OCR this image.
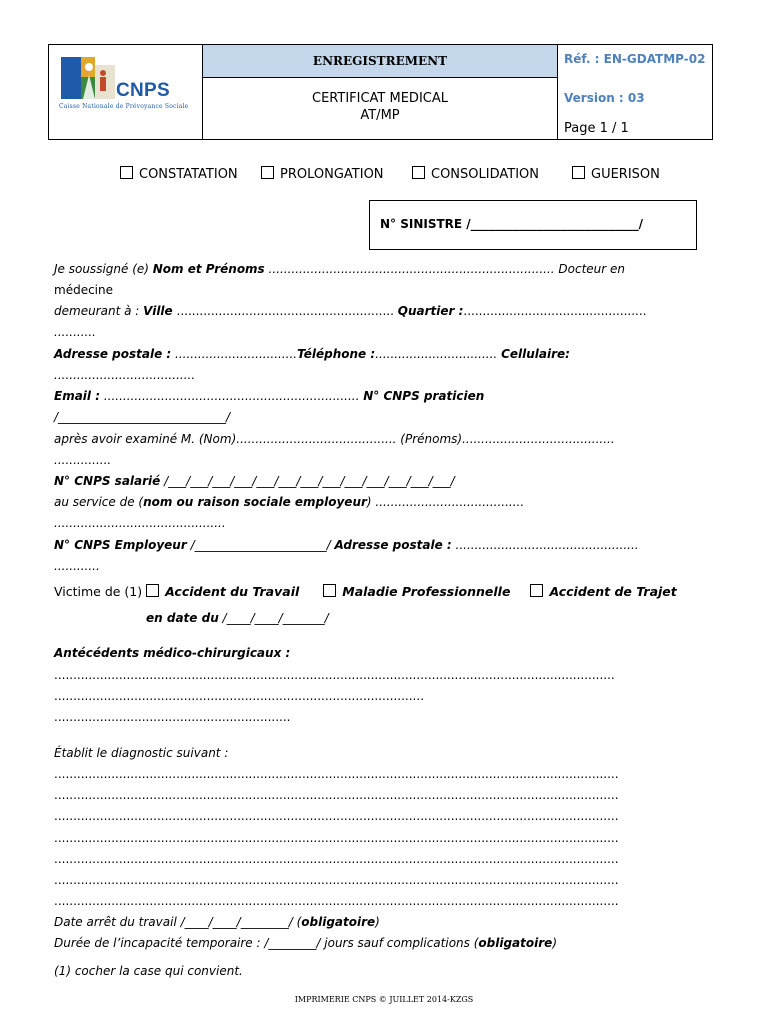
CNPS
Caisse Nationale de Prévoyance Sociale
ENREGISTREMENT
CERTIFICAT MEDICAL
AT/MP
Réf. : EN-GDATMP-02
Version : 03
Page 1 / 1
CONSTATATION	PROLONGATION	CONSOLIDATION	GUERISON
N° SINISTRE /____________________________/
Je soussigné (e) Nom et Prénoms ........................................................................... Docteur en
médecine
demeurant à : Ville ......................................................... Quartier :................................................
...........
Adresse postale : ................................Téléphone :................................ Cellulaire:
.....................................
Email : ................................................................... N° CNPS praticien
/____________________________/
après avoir examiné M. (Nom).......................................... (Prénoms)........................................
...............
N° CNPS salarié /___/___/___/___/___/___/___/___/___/___/___/___/___/
au service de (nom ou raison sociale employeur) .......................................
.............................................
N° CNPS Employeur /______________________/ Adresse postale : ................................................
............
Victime de (1) Accident du Travail	Maladie Professionnelle	Accident de Trajet
en date du /____/____/_______/
Antécédents médico-chirurgicaux :
...................................................................................................................................................
.................................................................................................
..............................................................
Établit le diagnostic suivant :
....................................................................................................................................................
....................................................................................................................................................
....................................................................................................................................................
....................................................................................................................................................
....................................................................................................................................................
....................................................................................................................................................
....................................................................................................................................................
Date arrêt du travail /____/____/________/ (obligatoire)
Durée de l’incapacité temporaire : /________/ jours sauf complications (obligatoire)
(1) cocher la case qui convient.
IMPRIMERIE CNPS © JUILLET 2014-KZGS
